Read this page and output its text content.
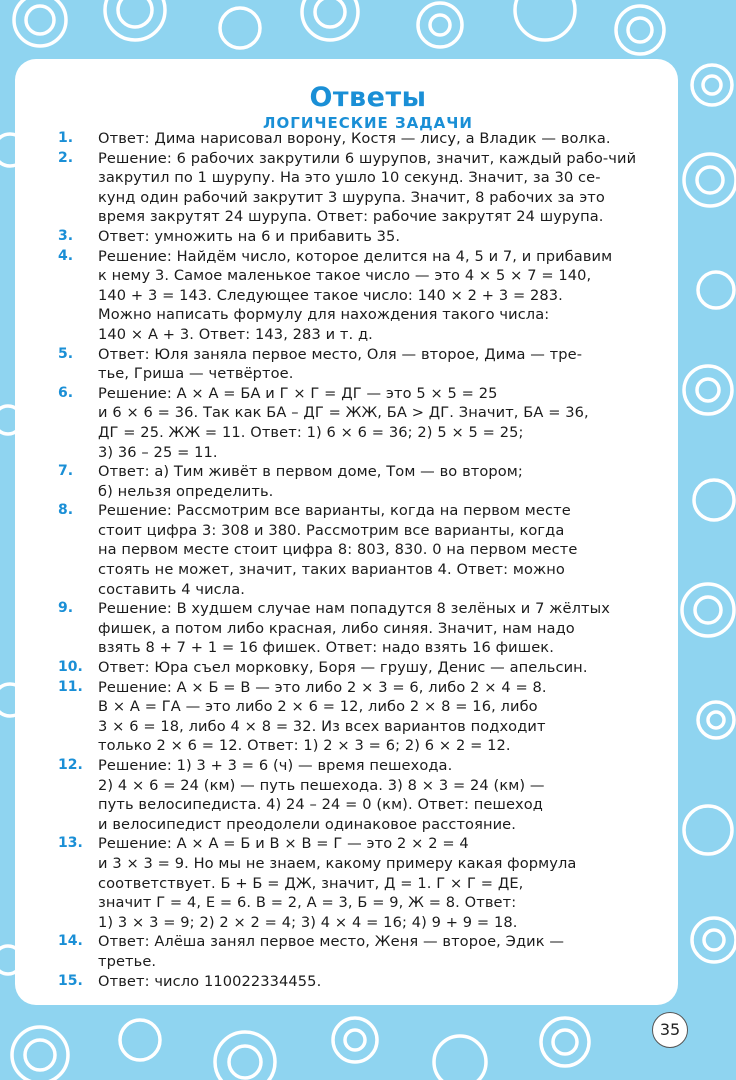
Ответы
ЛОГИЧЕСКИЕ ЗАДАЧИ
1.	Ответ: Дима нарисовал ворону, Костя — лису, а Владик — волка.
2.	Решение: 6 рабочих закрутили 6 шурупов, значит, каждый рабо-чий
закрутил по 1 шурупу. На это ушло 10 секунд. Значит, за 30 се-
кунд один рабочий закрутит 3 шурупа. Значит, 8 рабочих за это
время закрутят 24 шурупа. Ответ: рабочие закрутят 24 шурупа.
3.	Ответ: умножить на 6 и прибавить 35.
4.	Решение: Найдём число, которое делится на 4, 5 и 7, и прибавим
к нему 3. Самое маленькое такое число — это 4 × 5 × 7 = 140,
140 + 3 = 143. Следующее такое число: 140 × 2 + 3 = 283.
Можно написать формулу для нахождения такого числа:
140 × A + 3. Ответ: 143, 283 и т. д.
5.	Ответ: Юля заняла первое место, Оля — второе, Дима — тре-
тье, Гриша — четвёртое.
6.	Решение: А × А = БА и Г × Г = ДГ — это 5 × 5 = 25
и 6 × 6 = 36. Так как БА – ДГ = ЖЖ, БА > ДГ. Значит, БА = 36,
ДГ = 25. ЖЖ = 11. Ответ: 1) 6 × 6 = 36; 2) 5 × 5 = 25;
3) 36 – 25 = 11.
7.	Ответ: а) Тим живёт в первом доме, Том — во втором;
б) нельзя определить.
8.	Решение: Рассмотрим все варианты, когда на первом месте
стоит цифра 3: 308 и 380. Рассмотрим все варианты, когда
на первом месте стоит цифра 8: 803, 830. 0 на первом месте
стоять не может, значит, таких вариантов 4. Ответ: можно
составить 4 числа.
9.	Решение: В худшем случае нам попадутся 8 зелёных и 7 жёлтых
фишек, а потом либо красная, либо синяя. Значит, нам надо
взять 8 + 7 + 1 = 16 фишек. Ответ: надо взять 16 фишек.
10.	Ответ: Юра съел морковку, Боря — грушу, Денис — апельсин.
11.	Решение: А × Б = В — это либо 2 × 3 = 6, либо 2 × 4 = 8.
В × А = ГА — это либо 2 × 6 = 12, либо 2 × 8 = 16, либо
3 × 6 = 18, либо 4 × 8 = 32. Из всех вариантов подходит
только 2 × 6 = 12. Ответ: 1) 2 × 3 = 6; 2) 6 × 2 = 12.
12.	Решение: 1) 3 + 3 = 6 (ч) — время пешехода.
2) 4 × 6 = 24 (км) — путь пешехода. 3) 8 × 3 = 24 (км) —
путь велосипедиста. 4) 24 – 24 = 0 (км). Ответ: пешеход
и велосипедист преодолели одинаковое расстояние.
13.	Решение: А × А = Б и В × В = Г — это 2 × 2 = 4
и 3 × 3 = 9. Но мы не знаем, какому примеру какая формула
соответствует. Б + Б = ДЖ, значит, Д = 1. Г × Г = ДЕ,
значит Г = 4, Е = 6. В = 2, А = 3, Б = 9, Ж = 8. Ответ:
1) 3 × 3 = 9; 2) 2 × 2 = 4; 3) 4 × 4 = 16; 4) 9 + 9 = 18.
14.	Ответ: Алёша занял первое место, Женя — второе, Эдик —
третье.
15.	Ответ: число 110022334455.
35
